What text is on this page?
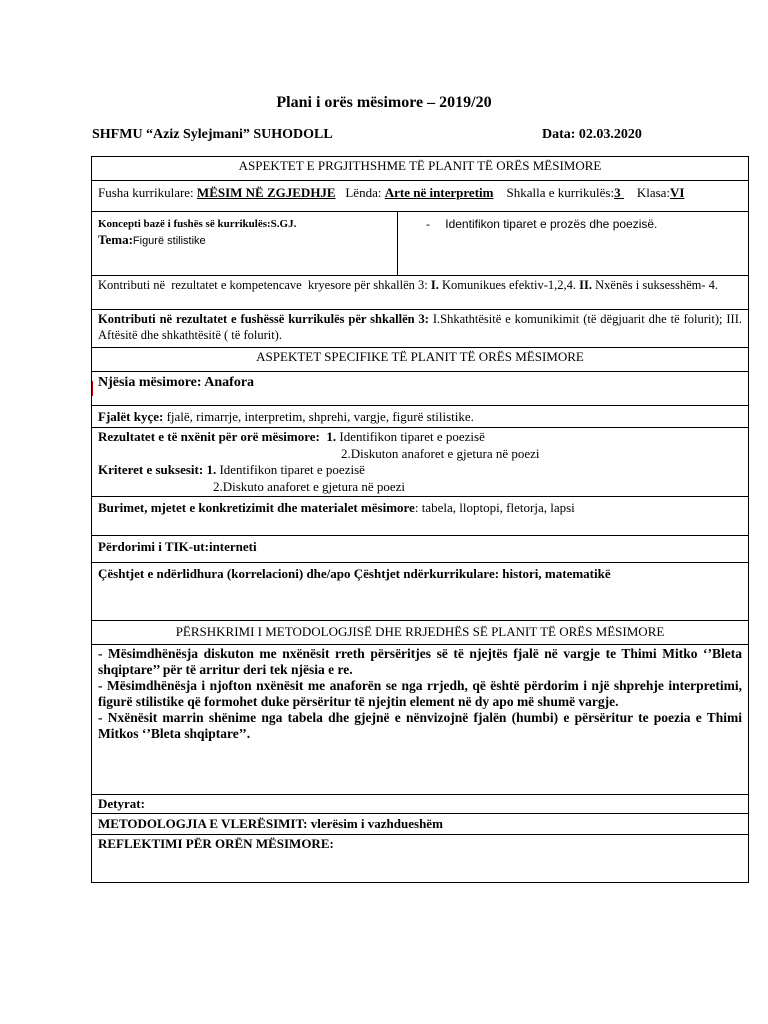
Plani i orës mësimore – 2019/20
SHFMU “Aziz Sylejmani” SUHODOLL	Data: 02.03.2020
ASPEKTET E PRGJITHSHME TË PLANIT TË ORËS MËSIMORE
Fusha kurrikulare: MËSIM NË ZGJEDHJE   Lënda: Arte në interpretim    Shkalla e kurrikulës:3     Klasa:VI

Koncepti bazë i fushës së kurrikulës:S.GJ.
Tema:Figurë stilistike
	- Identifikon tiparet e prozës dhe poezisë.
Kontributi në  rezultatet e kompetencave  kryesore për shkallën 3: I. Komunikues efektiv-1,2,4. II. Nxënës i suksesshëm- 4.
Kontributi në rezultatet e fushëssë kurrikulës për shkallën 3: I.Shkathtësitë e komunikimit (të dëgjuarit dhe të folurit); III. Aftësitë dhe shkathtësitë ( të folurit).
ASPEKTET SPECIFIKE TË PLANIT TË ORËS MËSIMORE
Njësia mësimore: Anafora
Fjalët kyçe: fjalë, rimarrje, interpretim, shprehi, vargje, figurë stilistike.

Rezultatet e të nxënit për orë mësimore:  1. Identifikon tiparet e poezisë
2.Diskuton anaforet e gjetura në poezi
Kriteret e suksesit: 1. Identifikon tiparet e poezisë
2.Diskuto anaforet e gjetura në poezi

Burimet, mjetet e konkretizimit dhe materialet mësimore: tabela, lloptopi, fletorja, lapsi
Përdorimi i TIK-ut:interneti
Çështjet e ndërlidhura (korrelacioni) dhe/apo Çështjet ndërkurrikulare: histori, matematikë
PËRSHKRIMI I METODOLOGJISË DHE RRJEDHËS SË PLANIT TË ORËS MËSIMORE

- Mësimdhënësja diskuton me nxënësit rreth përsëritjes së të njejtës fjalë në vargje te Thimi Mitko ‘’Bleta shqiptare’’ për të arritur deri tek njësia e re.
- Mësimdhënësja i njofton nxënësit me anaforën se nga rrjedh, që është përdorim i një shprehje interpretimi, figurë stilistike që formohet duke përsëritur të njejtin element në dy apo më shumë vargje.
- Nxënësit marrin shënime nga tabela dhe gjejnë e nënvizojnë fjalën (humbi) e përsëritur te poezia e Thimi Mitkos ‘’Bleta shqiptare’’.

Detyrat:
METODOLOGJIA E VLERËSIMIT: vlerësim i vazhdueshëm
REFLEKTIMI PËR ORËN MËSIMORE:
